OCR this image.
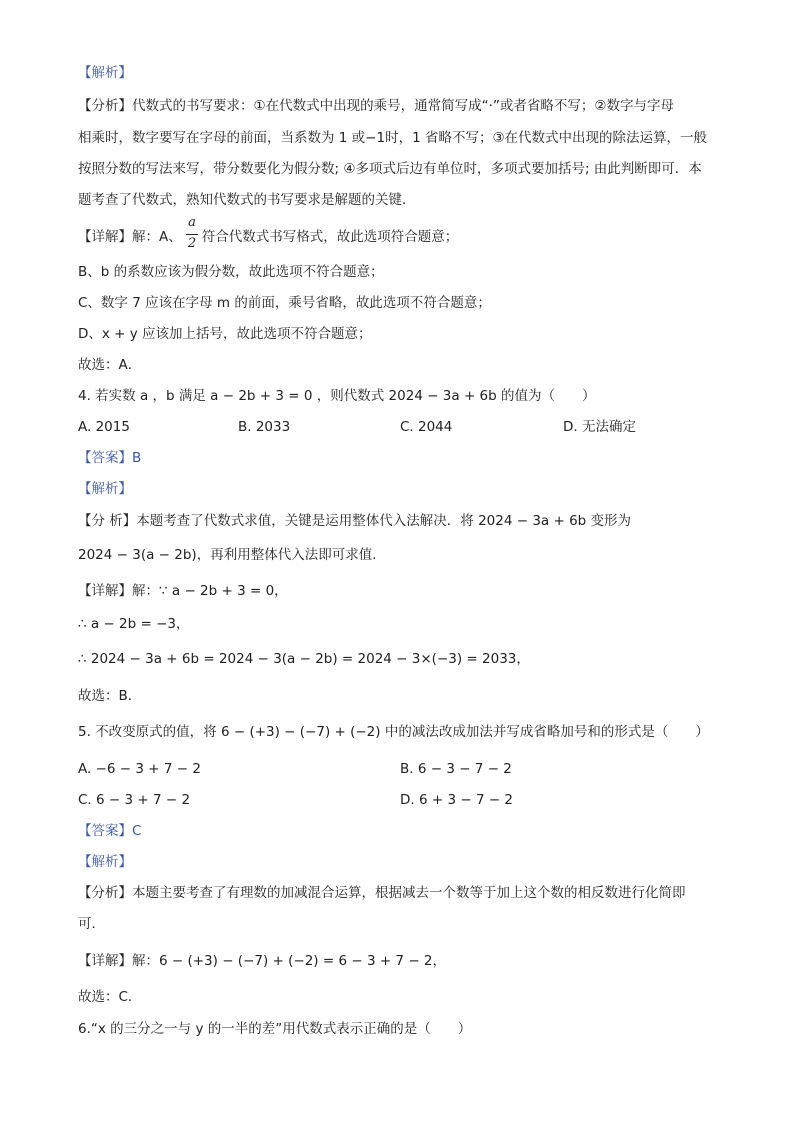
【解析】
【分析】代数式的书写要求：①在代数式中出现的乘号，通常简写成“·”或者省略不写；②数字与字母
相乘时，数字要写在字母的前面，当系数为 1 或−1时，1 省略不写；③在代数式中出现的除法运算，一般
按照分数的写法来写，带分数要化为假分数; ④多项式后边有单位时，多项式要加括号; 由此判断即可．本
题考查了代数式，熟知代数式的书写要求是解题的关键．
【详解】解：A、 符合代数式书写格式，故此选项符合题意；
a
2
B、b 的系数应该为假分数，故此选项不符合题意；
C、数字 7 应该在字母 m 的前面，乘号省略，故此选项不符合题意；
D、x + y 应该加上括号，故此选项不符合题意；
故选：A．
4. 若实数 a ，b 满足 a − 2b + 3 = 0 ，则代数式 2024 − 3a + 6b 的值为（　　）
A. 2015	B. 2033	C. 2044	D. 无法确定
【答案】B
【解析】
【分 析】本题考查了代数式求值，关键是运用整体代入法解决．将 2024 − 3a + 6b 变形为
2024 − 3(a − 2b)，再利用整体代入法即可求值．
【详解】解：∵ a − 2b + 3 = 0，
∴ a − 2b = −3，
∴ 2024 − 3a + 6b = 2024 − 3(a − 2b) = 2024 − 3×(−3) = 2033，
故选：B．
5. 不改变原式的值，将 6 − (+3) − (−7) + (−2) 中的减法改成加法并写成省略加号和的形式是（　　）
A. −6 − 3 + 7 − 2	B. 6 − 3 − 7 − 2
C. 6 − 3 + 7 − 2	D. 6 + 3 − 7 − 2
【答案】C
【解析】
【分析】本题主要考查了有理数的加减混合运算，根据减去一个数等于加上这个数的相反数进行化简即
可．
【详解】解：6 − (+3) − (−7) + (−2) = 6 − 3 + 7 − 2，
故选：C．
6.“x 的三分之一与 y 的一半的差”用代数式表示正确的是（　　）
